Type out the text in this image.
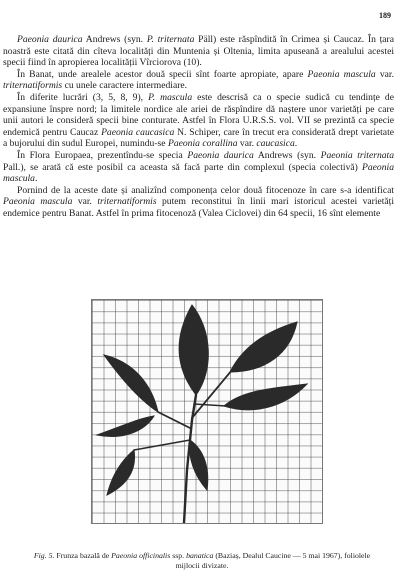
189

Paeonia daurica Andrews (syn. P. triternata Päll) este răspîndită în Crimea și Caucaz. În țara noastră este citată din cîteva localități din Muntenia și Oltenia, limita apuseană a arealului acestei specii fiind în apropierea localității Vîrciorova (10).

În Banat, unde arealele acestor două specii sînt foarte apropiate, apare Paeonia mascula var. triternatiformis cu unele caractere intermediare.

În diferite lucrări (3, 5, 8, 9), P. mascula este descrisă ca o specie sudică cu tendințe de expansiune înspre nord; la limitele nordice ale ariei de răspîndire dă naștere unor varietăți pe care unii autori le consideră specii bine conturate. Astfel în Flora U.R.S.S. vol. VII se prezintă ca specie endemică pentru Caucaz Paeonia caucasica N. Schiper, care în trecut era considerată drept varietate a bujorului din sudul Europei, numindu-se Paeonia corallina var. caucasica.

În Flora Europaea, prezentîndu-se specia Paeonia daurica Andrews (syn. Paeonia triternata Pall.), se arată că este posibil ca aceasta să facă parte din complexul (specia colectivă) Paeonia mascula.

Pornind de la aceste date și analizînd componența celor două fitocenoze în care s-a identificat Paeonia mascula var. triternatiformis putem reconstitui în linii mari istoricul acestei varietăți endemice pentru Banat. Astfel în prima fitocenoză (Valea Ciclovei) din 64 specii, 16 sînt elemente

Fig. 5. Frunza bazală de Paeonia officinalis ssp. banatica (Baziaș, Dealul Caucine — 5 mai 1967), foliolele mijlocii divizate.
